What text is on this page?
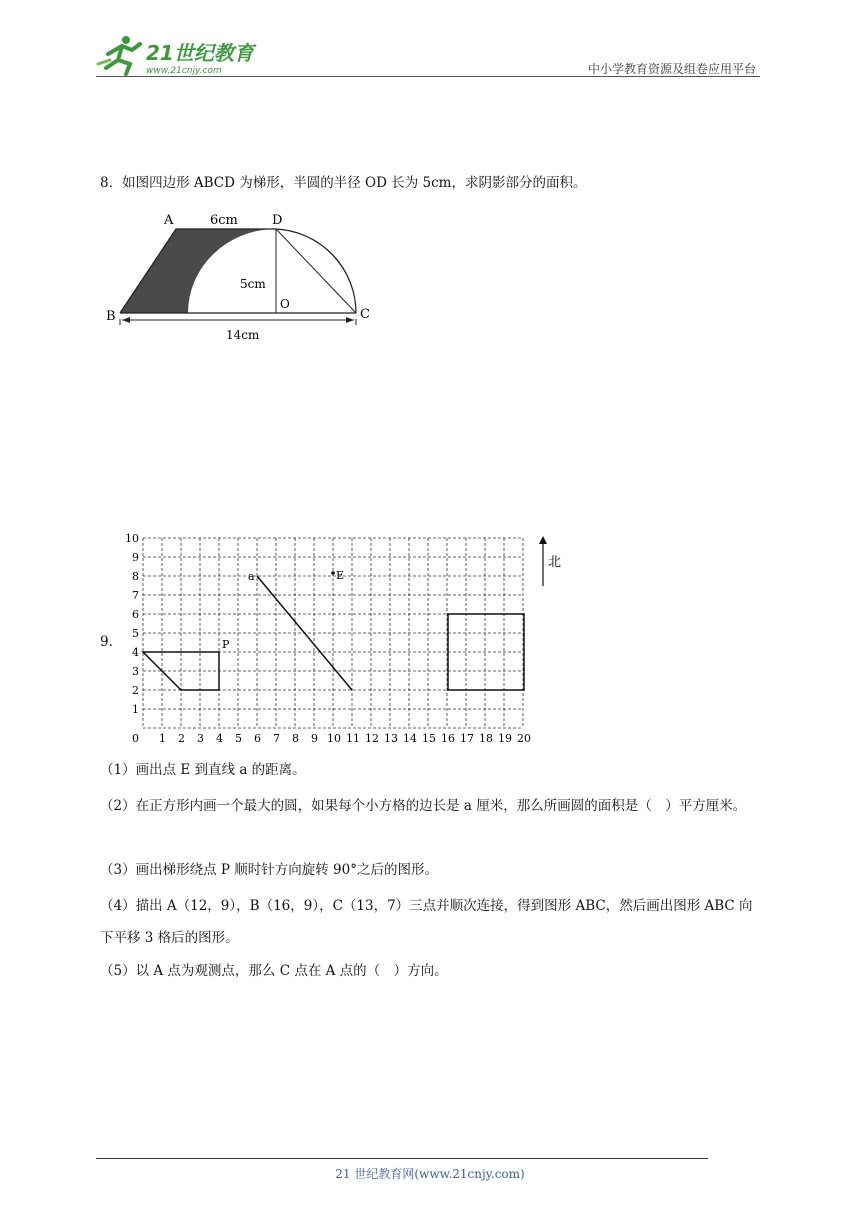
21世纪教育
www.21cnjy.com	中小学教育资源及组卷应用平台
8．如图四边形 ABCD 为梯形，半圆的半径 OD 长为 5cm，求阴影部分的面积。
A	6cm	D
5cm
O
B	C
14cm
9.
0 1 2 3 4 5 6 7 8 9 10 11 12 13 14 15 16 17 18 19 20
1
2
3
4
5
6
7
8
9
10
a	E
P
北
（1）画出点 E 到直线 a 的距离。
（2）在正方形内画一个最大的圆，如果每个小方格的边长是 a 厘米，那么所画圆的面积是（　）平方厘米。
（3）画出梯形绕点 P 顺时针方向旋转 90°之后的图形。
（4）描出 A（12，9），B（16，9），C（13，7）三点并顺次连接，得到图形 ABC，然后画出图形 ABC 向下平移 3 格后的图形。
（5）以 A 点为观测点，那么 C 点在 A 点的（　）方向。
21 世纪教育网(www.21cnjy.com)
